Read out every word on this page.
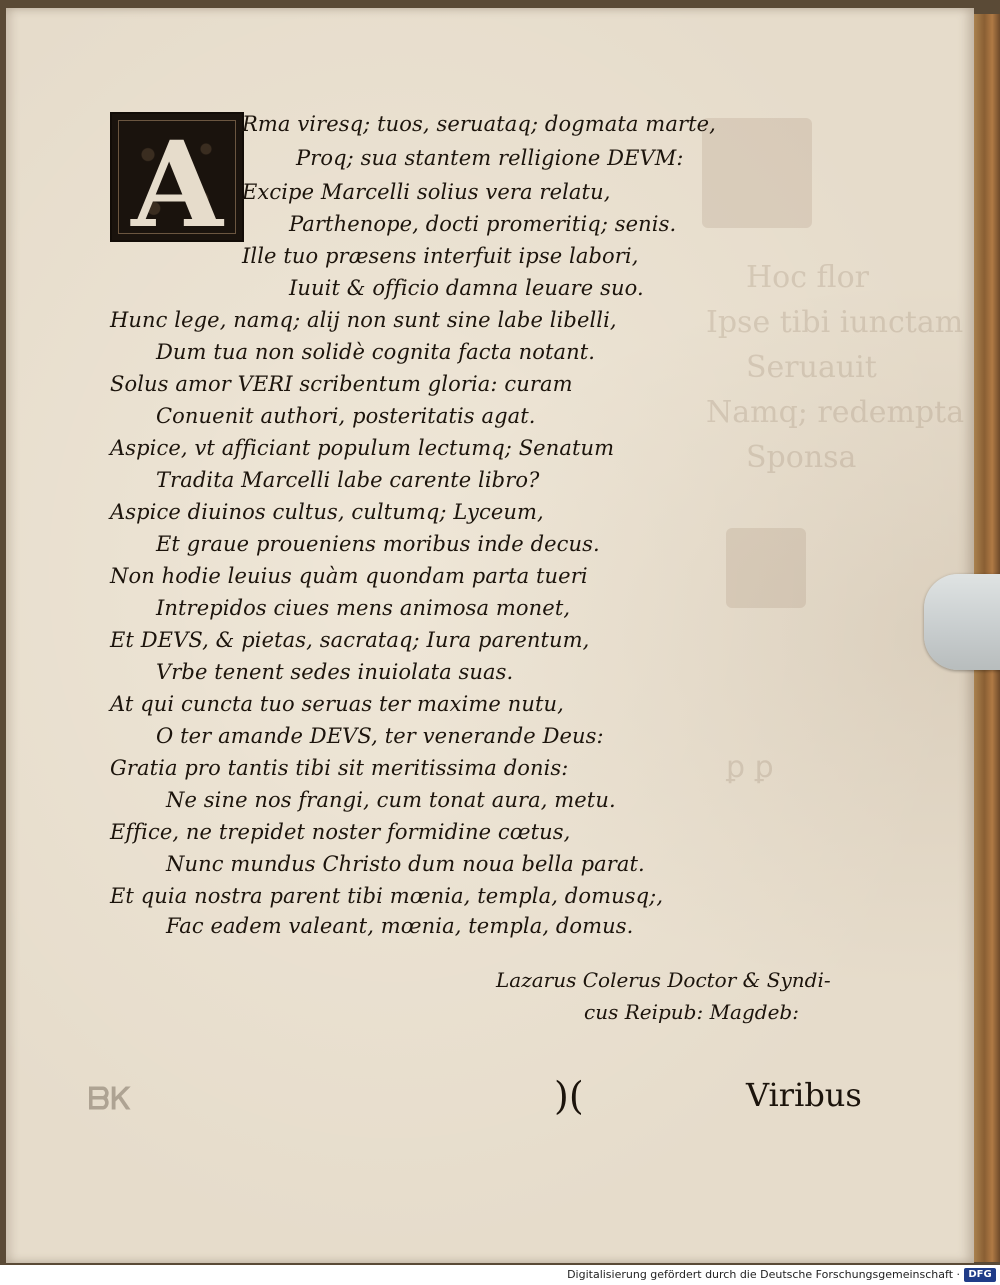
Hoc flor
Ipse tibi iunctam
Seruauit
Namq; redempta
Sponsa
ꝑ ꝑ
A Rma viresq; tuos, seruataq; dogmata marte,
Proq; sua stantem relligione DEVM:
Excipe Marcelli solius vera relatu,
Parthenope, docti promeritiq; senis.
Ille tuo præsens interfuit ipse labori,
Iuuit & officio damna leuare suo.
Hunc lege, namq; alij non sunt sine labe libelli,
Dum tua non solidè cognita facta notant.
Solus amor VERI scribentum gloria: curam
Conuenit authori, posteritatis agat.
Aspice, vt afficiant populum lectumq; Senatum
Tradita Marcelli labe carente libro?
Aspice diuinos cultus, cultumq; Lyceum,
Et graue proueniens moribus inde decus.
Non hodie leuius quàm quondam parta tueri
Intrepidos ciues mens animosa monet,
Et DEVS, & pietas, sacrataq; Iura parentum,
Vrbe tenent sedes inuiolata suas.
At qui cuncta tuo seruas ter maxime nutu,
O ter amande DEVS, ter venerande Deus:
Gratia pro tantis tibi sit meritissima donis:
Ne sine nos frangi, cum tonat aura, metu.
Effice, ne trepidet noster formidine cœtus,
Nunc mundus Christo dum noua bella parat.
Et quia nostra parent tibi mœnia, templa, domusq;,
Fac eadem valeant, mœnia, templa, domus.
Lazarus Colerus Doctor & Syndi-
cus Reipub: Magdeb:
ᗷᏦ	)(	Viribus
Digitalisierung gefördert durch die Deutsche Forschungsgemeinschaft · DFG
